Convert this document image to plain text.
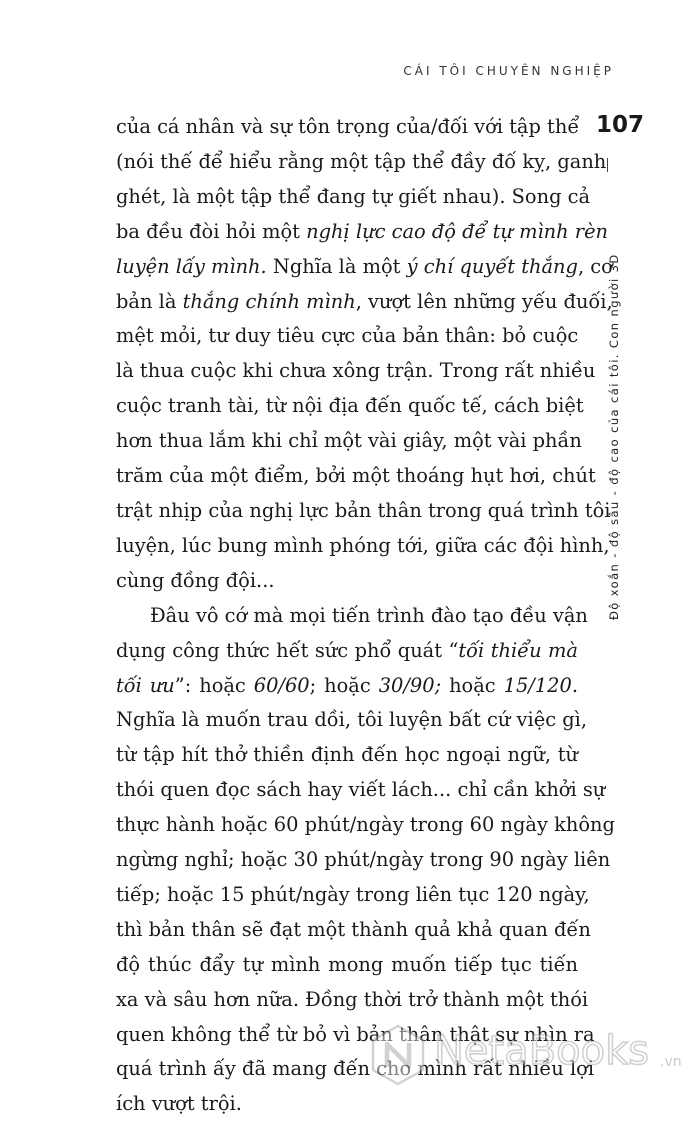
CÁI TÔI CHUYÊN NGHIỆP
107
Độ xoắn - độ sâu - độ cao của cái tôi. Con người 3D
của cá nhân và sự tôn trọng của/đối với tập thể
(nói thế để hiểu rằng một tập thể đầy đố kỵ, ganh
ghét, là một tập thể đang tự giết nhau). Song cả
ba đều đòi hỏi một nghị lực cao độ để tự mình rèn
luyện lấy mình. Nghĩa là một ý chí quyết thắng, cơ
bản là thắng chính mình, vượt lên những yếu đuối,
mệt mỏi, tư duy tiêu cực của bản thân: bỏ cuộc
là thua cuộc khi chưa xông trận. Trong rất nhiều
cuộc tranh tài, từ nội địa đến quốc tế, cách biệt
hơn thua lắm khi chỉ một vài giây, một vài phần
trăm của một điểm, bởi một thoáng hụt hơi, chút
trật nhịp của nghị lực bản thân trong quá trình tôi
luyện, lúc bung mình phóng tới, giữa các đội hình,
cùng đồng đội...
Đâu vô cớ mà mọi tiến trình đào tạo đều vận
dụng công thức hết sức phổ quát “tối thiểu mà
tối ưu”: hoặc 60/60; hoặc 30/90; hoặc 15/120.
Nghĩa là muốn trau dồi, tôi luyện bất cứ việc gì,
từ tập hít thở thiền định đến học ngoại ngữ, từ
thói quen đọc sách hay viết lách... chỉ cần khởi sự
thực hành hoặc 60 phút/ngày trong 60 ngày không
ngừng nghỉ; hoặc 30 phút/ngày trong 90 ngày liên
tiếp; hoặc 15 phút/ngày trong liên tục 120 ngày,
thì bản thân sẽ đạt một thành quả khả quan đến
độ thúc đẩy tự mình mong muốn tiếp tục tiến
xa và sâu hơn nữa. Đồng thời trở thành một thói
quen không thể từ bỏ vì bản thân thật sự nhìn ra
quá trình ấy đã mang đến cho mình rất nhiều lợi
ích vượt trội.
NetaBooks .vn
